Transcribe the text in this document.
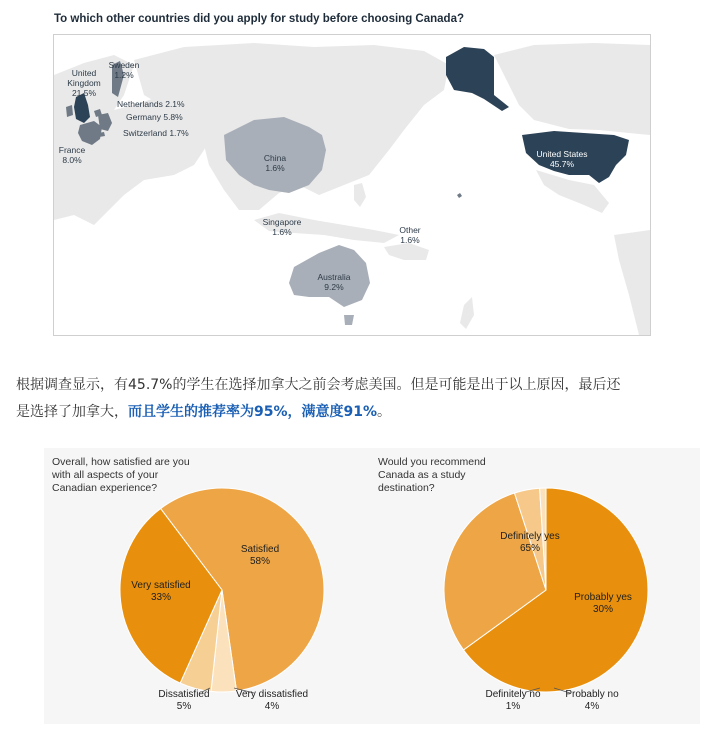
To which other countries did you apply for study before choosing Canada?
Sweden
1.2%
United
Kingdom
21.5%
Netherlands 2.1%
Germany 5.8%
Switzerland 1.7%
France
8.0%	China
1.6%
Singapore
1.6%	Other
1.6%
Australia
9.2%
United States
45.7%
根据调查显示，有45.7%的学生在选择加拿大之前会考虑美国。但是可能是出于以上原因，最后还
是选择了加拿大，而且学生的推荐率为95%，满意度91%。
Overall, how satisfied are you
with all aspects of your
Canadian experience?
Satisfied
58%
Very satisfied
33%
Dissatisfied
5%
Very dissatisfied
4%
Would you recommend
Canada as a study
destination?
Definitely yes
65%
Probably yes
30%
Probably no
4%
Definitely no
1%
